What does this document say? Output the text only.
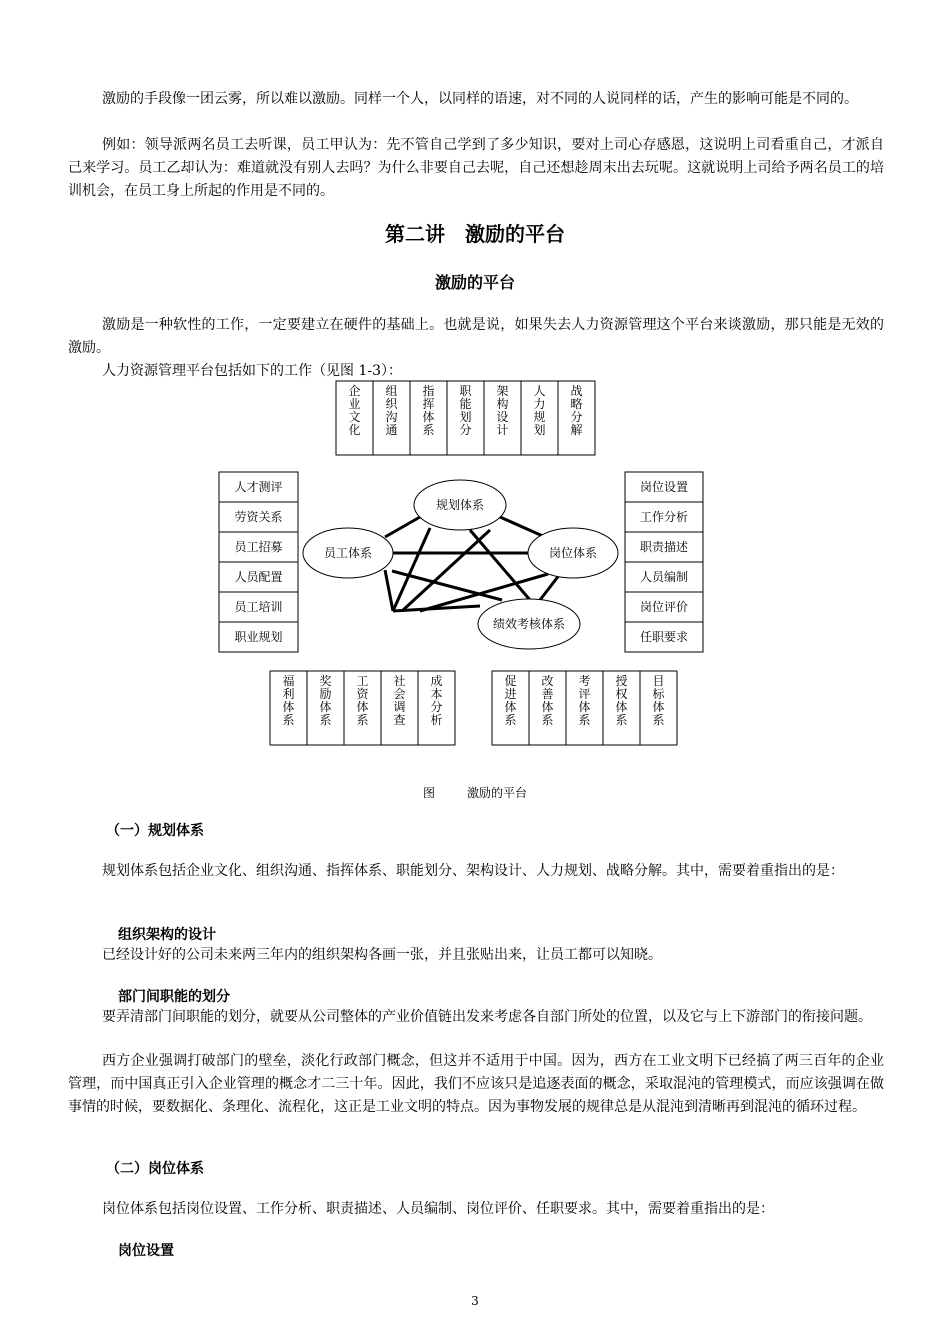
激励的手段像一团云雾，所以难以激励。同样一个人，以同样的语速，对不同的人说同样的话，产生的影响可能是不同的。

例如：领导派两名员工去听课，员工甲认为：先不管自己学到了多少知识，要对上司心存感恩，这说明上司看重自己，才派自己来学习。员工乙却认为：难道就没有别人去吗？为什么非要自己去呢，自己还想趁周末出去玩呢。这就说明上司给予两名员工的培训机会，在员工身上所起的作用是不同的。

第二讲　激励的平台
激励的平台

激励是一种软性的工作，一定要建立在硬件的基础上。也就是说，如果失去人力资源管理这个平台来谈激励，那只能是无效的激励。

人力资源管理平台包括如下的工作（见图 1-3）：

规划体系
员工体系	岗位体系
绩效考核体系
企
业
文
化
组
织
沟
通
指
挥
体
系
职
能
划
分
架
构
设
计
人
力
规
划
战
略
分
解
人才测评
劳资关系
员工招募
人员配置
员工培训
职业规划
岗位设置
工作分析
职责描述
人员编制
岗位评价
任职要求
福
利
体
系
奖
励
体
系
工
资
体
系
社
会
调
查
成
本
分
析
促
进
体
系
改
善
体
系
考
评
体
系
授
权
体
系
目
标
体
系
图	激励的平台
（一）规划体系

规划体系包括企业文化、组织沟通、指挥体系、职能划分、架构设计、人力规划、战略分解。其中，需要着重指出的是：

组织架构的设计

已经设计好的公司未来两三年内的组织架构各画一张，并且张贴出来，让员工都可以知晓。

部门间职能的划分

要弄清部门间职能的划分，就要从公司整体的产业价值链出发来考虑各自部门所处的位置，以及它与上下游部门的衔接问题。

西方企业强调打破部门的壁垒，淡化行政部门概念，但这并不适用于中国。因为，西方在工业文明下已经搞了两三百年的企业管理，而中国真正引入企业管理的概念才二三十年。因此，我们不应该只是追逐表面的概念，采取混沌的管理模式，而应该强调在做事情的时候，要数据化、条理化、流程化，这正是工业文明的特点。因为事物发展的规律总是从混沌到清晰再到混沌的循环过程。

（二）岗位体系

岗位体系包括岗位设置、工作分析、职责描述、人员编制、岗位评价、任职要求。其中，需要着重指出的是：

岗位设置
3
